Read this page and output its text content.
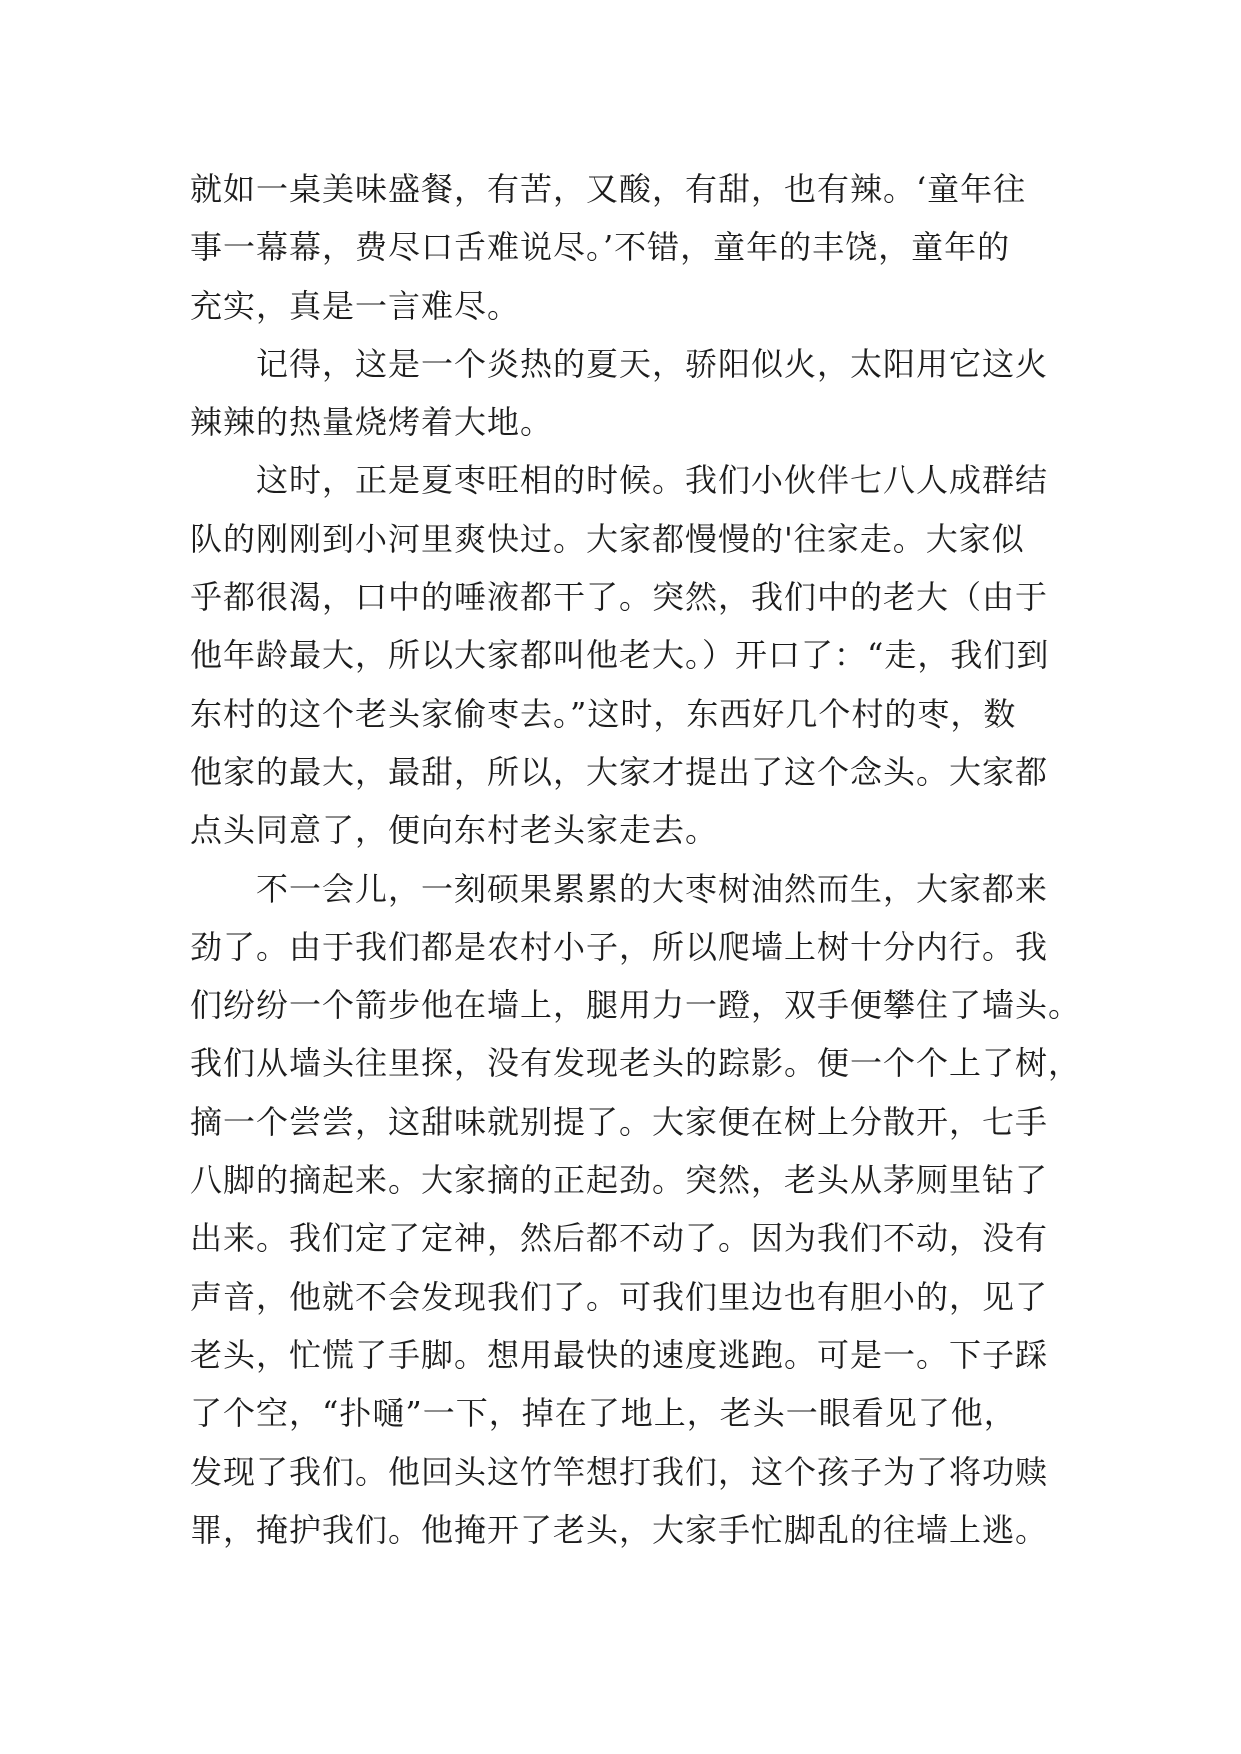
就如一桌美味盛餐，有苦，又酸，有甜，也有辣。‘童年往
事一幕幕，费尽口舌难说尽。’不错，童年的丰饶，童年的
充实，真是一言难尽。
　　记得，这是一个炎热的夏天，骄阳似火，太阳用它这火
辣辣的热量烧烤着大地。
　　这时，正是夏枣旺相的时候。我们小伙伴七八人成群结
队的刚刚到小河里爽快过。大家都慢慢的'往家走。大家似
乎都很渴，口中的唾液都干了。突然，我们中的老大（由于
他年龄最大，所以大家都叫他老大。）开口了：“走，我们到
东村的这个老头家偷枣去。”这时，东西好几个村的枣，数
他家的最大，最甜，所以，大家才提出了这个念头。大家都
点头同意了，便向东村老头家走去。
　　不一会儿，一刻硕果累累的大枣树油然而生，大家都来
劲了。由于我们都是农村小子，所以爬墙上树十分内行。我
们纷纷一个箭步他在墙上，腿用力一蹬，双手便攀住了墙头。
我们从墙头往里探，没有发现老头的踪影。便一个个上了树，
摘一个尝尝，这甜味就别提了。大家便在树上分散开，七手
八脚的摘起来。大家摘的正起劲。突然，老头从茅厕里钻了
出来。我们定了定神，然后都不动了。因为我们不动，没有
声音，他就不会发现我们了。可我们里边也有胆小的，见了
老头，忙慌了手脚。想用最快的速度逃跑。可是一。下子踩
了个空，“扑嗵”一下，掉在了地上，老头一眼看见了他，
发现了我们。他回头这竹竿想打我们，这个孩子为了将功赎
罪，掩护我们。他掩开了老头，大家手忙脚乱的往墙上逃。
